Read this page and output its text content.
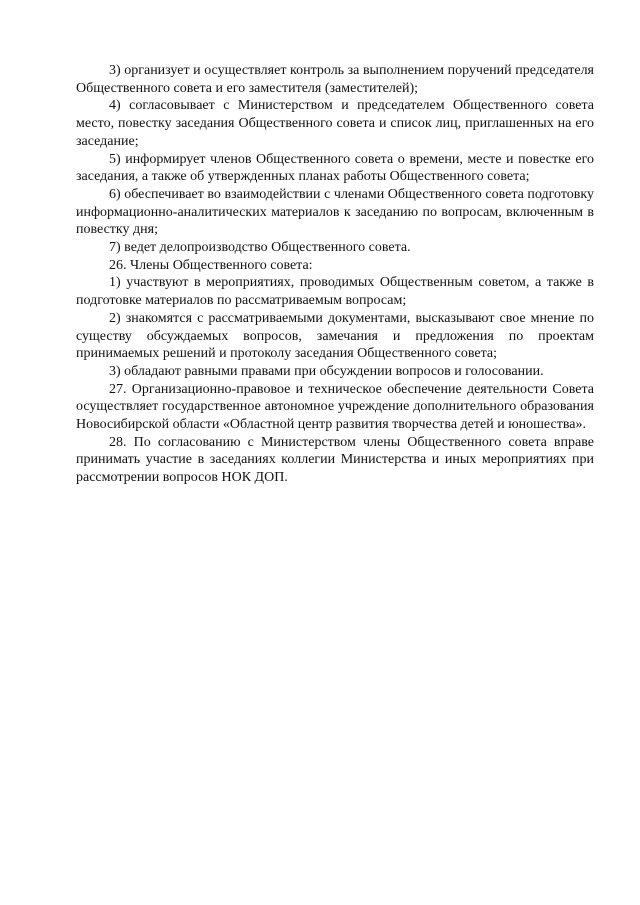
3) организует и осуществляет контроль за выполнением поручений председателя Общественного совета и его заместителя (заместителей);

4) согласовывает с Министерством и председателем Общественного совета место, повестку заседания Общественного совета и список лиц, приглашенных на его заседание;

5) информирует членов Общественного совета о времени, месте и повестке его заседания, а также об утвержденных планах работы Общественного совета;

6) обеспечивает во взаимодействии с членами Общественного совета подготовку информационно-аналитических материалов к заседанию по вопросам, включенным в повестку дня;

7) ведет делопроизводство Общественного совета.

26. Члены Общественного совета:

1) участвуют в мероприятиях, проводимых Общественным советом, а также в подготовке материалов по рассматриваемым вопросам;

2) знакомятся с рассматриваемыми документами, высказывают свое мнение по существу обсуждаемых вопросов, замечания и предложения по проектам принимаемых решений и протоколу заседания Общественного совета;

3) обладают равными правами при обсуждении вопросов и голосовании.

27. Организационно-правовое и техническое обеспечение деятельности Совета осуществляет государственное автономное учреждение дополнительного образования Новосибирской области «Областной центр развития творчества детей и юношества».

28. По согласованию с Министерством члены Общественного совета вправе принимать участие в заседаниях коллегии Министерства и иных мероприятиях при рассмотрении вопросов НОК ДОП.
